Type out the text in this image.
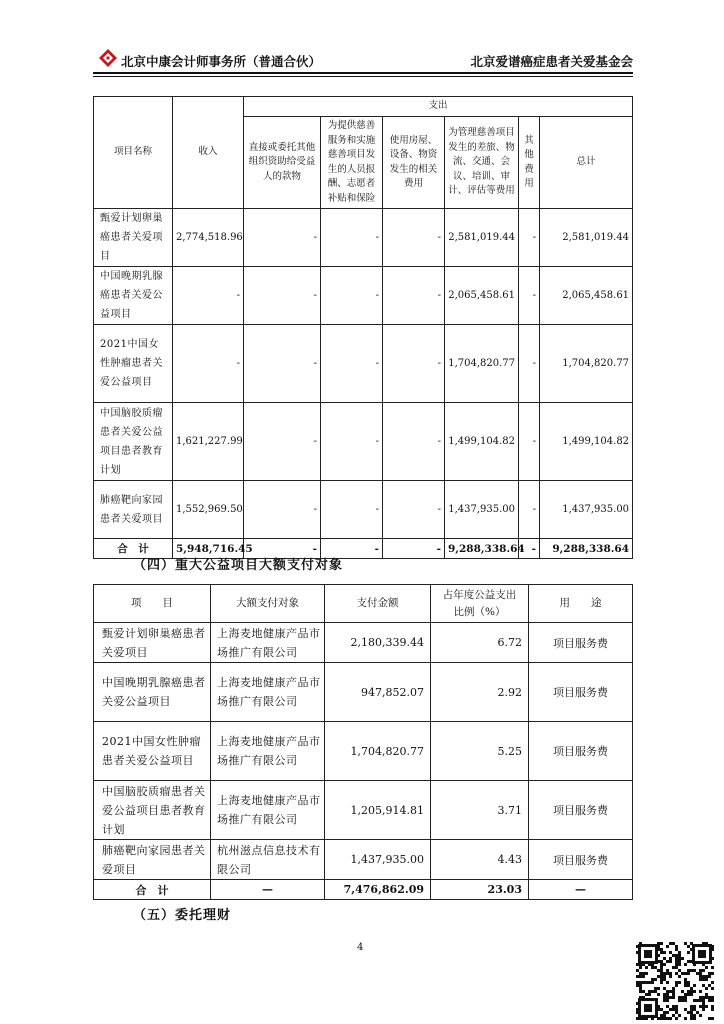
北京中康会计师事务所（普通合伙）	北京爱谱癌症患者关爱基金会
项目名称	收入	支出					
		直接或委托其他组织资助给受益人的款物	为提供慈善服务和实施慈善项目发生的人员报酬、志愿者补贴和保险	使用房屋、设备、物资发生的相关费用	为管理慈善项目发生的差旅、物流、交通、会议、培训、审计、评估等费用	其他费用	总计
甄爱计划卵巢癌患者关爱项目	2,774,518.96	-	-	-	2,581,019.44	-	2,581,019.44
中国晚期乳腺癌患者关爱公益项目	-	-	-	-	2,065,458.61	-	2,065,458.61
2021中国女性肿瘤患者关爱公益项目	-	-	-	-	1,704,820.77	-	1,704,820.77
中国脑胶质瘤患者关爱公益项目患者教育计划	1,621,227.99	-	-	-	1,499,104.82	-	1,499,104.82
肺癌靶向家园患者关爱项目	1,552,969.50	-	-	-	1,437,935.00	-	1,437,935.00
合　计	5,948,716.45	-	-	-	9,288,338.64	-	9,288,338.64
（四）重大公益项目大额支付对象
项　　目	大额支付对象	支付金额	占年度公益支出比例（%）	用　　途
甄爱计划卵巢癌患者关爱项目	上海麦地健康产品市场推广有限公司	2,180,339.44	6.72	项目服务费
中国晚期乳腺癌患者关爱公益项目	上海麦地健康产品市场推广有限公司	947,852.07	2.92	项目服务费
2021中国女性肿瘤患者关爱公益项目	上海麦地健康产品市场推广有限公司	1,704,820.77	5.25	项目服务费
中国脑胶质瘤患者关爱公益项目患者教育计划	上海麦地健康产品市场推广有限公司	1,205,914.81	3.71	项目服务费
肺癌靶向家园患者关爱项目	杭州滋点信息技术有限公司	1,437,935.00	4.43	项目服务费
合　计	—	7,476,862.09	23.03	—
（五）委托理财
4
